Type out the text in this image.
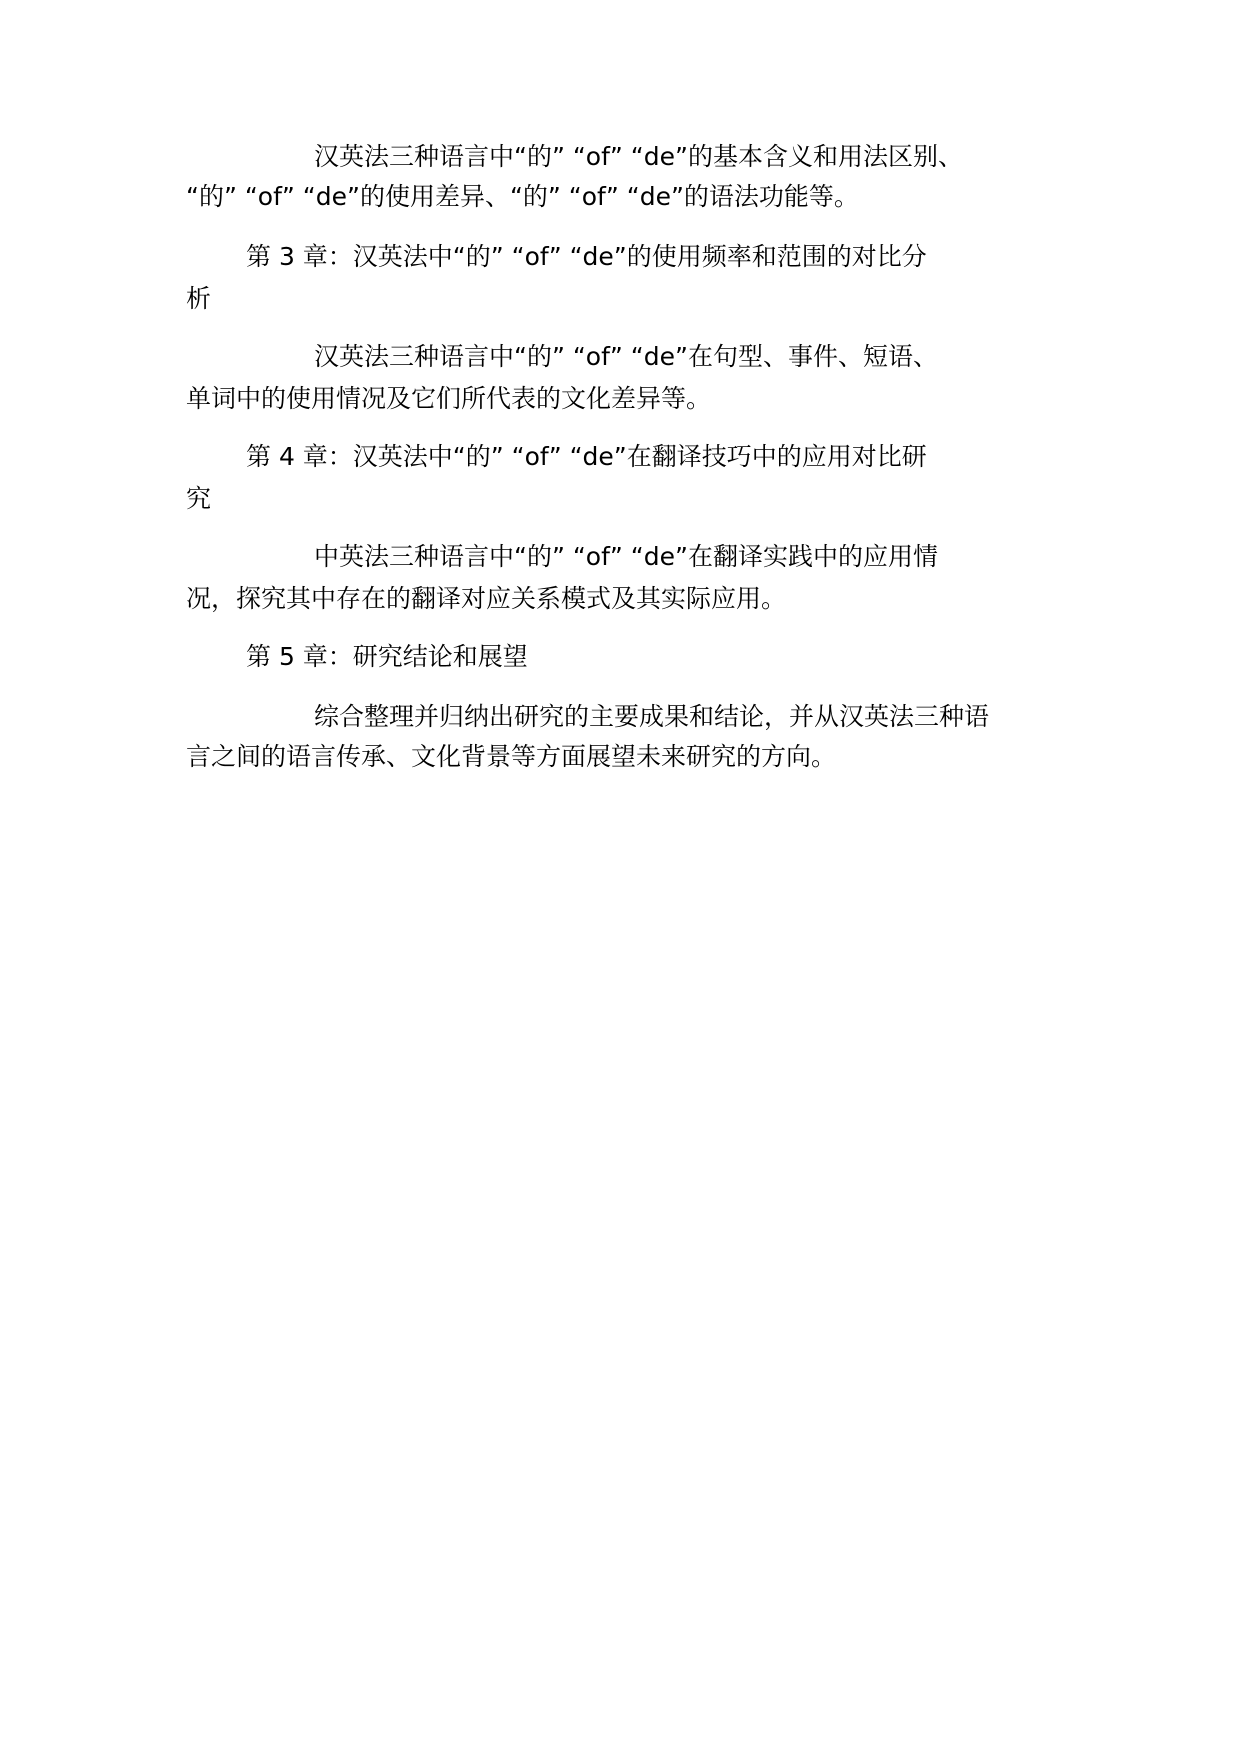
汉英法三种语言中“的” “of” “de”的基本含义和用法区别、

“的” “of” “de”的使用差异、“的” “of” “de”的语法功能等。

第 3 章：汉英法中“的” “of” “de”的使用频率和范围的对比分

析

汉英法三种语言中“的” “of” “de”在句型、事件、短语、

单词中的使用情况及它们所代表的文化差异等。

第 4 章：汉英法中“的” “of” “de”在翻译技巧中的应用对比研

究

中英法三种语言中“的” “of” “de”在翻译实践中的应用情

况，探究其中存在的翻译对应关系模式及其实际应用。

第 5 章：研究结论和展望

综合整理并归纳出研究的主要成果和结论，并从汉英法三种语

言之间的语言传承、文化背景等方面展望未来研究的方向。
